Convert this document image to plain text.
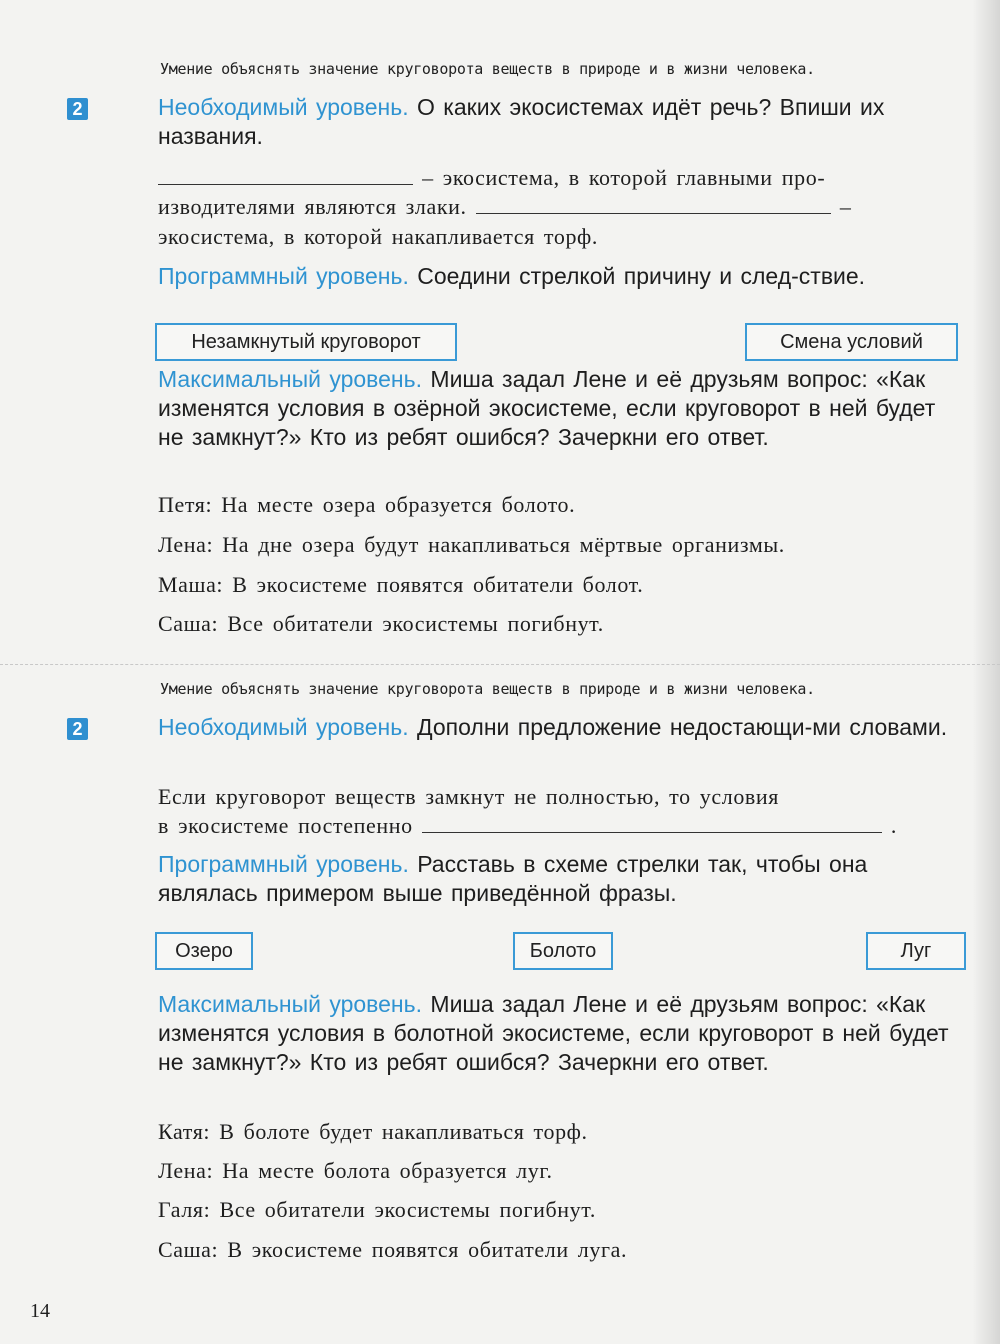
Умение объяснять значение круговорота веществ в природе и в жизни человека.
2	Необходимый уровень. О каких экосистемах идёт речь? Впиши их названия.
– экосистема, в которой главными про-
изводителями являются злаки.	–
экосистема, в которой накапливается торф.
Программный уровень. Соедини стрелкой причину и след-ствие.
Незамкнутый круговорот	Смена условий
Максимальный уровень. Миша задал Лене и её друзьям вопрос: «Как изменятся условия в озёрной экосистеме, если круговорот в ней будет не замкнут?» Кто из ребят ошибся? Зачеркни его ответ.
Петя: На месте озера образуется болото.
Лена: На дне озера будут накапливаться мёртвые организмы.
Маша: В экосистеме появятся обитатели болот.
Саша: Все обитатели экосистемы погибнут.
Умение объяснять значение круговорота веществ в природе и в жизни человека.
2	Необходимый уровень. Дополни предложение недостающи-ми словами.
Если круговорот веществ замкнут не полностью, то условия
в экосистеме постепенно	.
Программный уровень. Расставь в схеме стрелки так, чтобы она являлась примером выше приведённой фразы.
Озеро	Болото	Луг
Максимальный уровень. Миша задал Лене и её друзьям вопрос: «Как изменятся условия в болотной экосистеме, если круговорот в ней будет не замкнут?» Кто из ребят ошибся? Зачеркни его ответ.
Катя: В болоте будет накапливаться торф.
Лена: На месте болота образуется луг.
Галя: Все обитатели экосистемы погибнут.
Саша: В экосистеме появятся обитатели луга.
14
